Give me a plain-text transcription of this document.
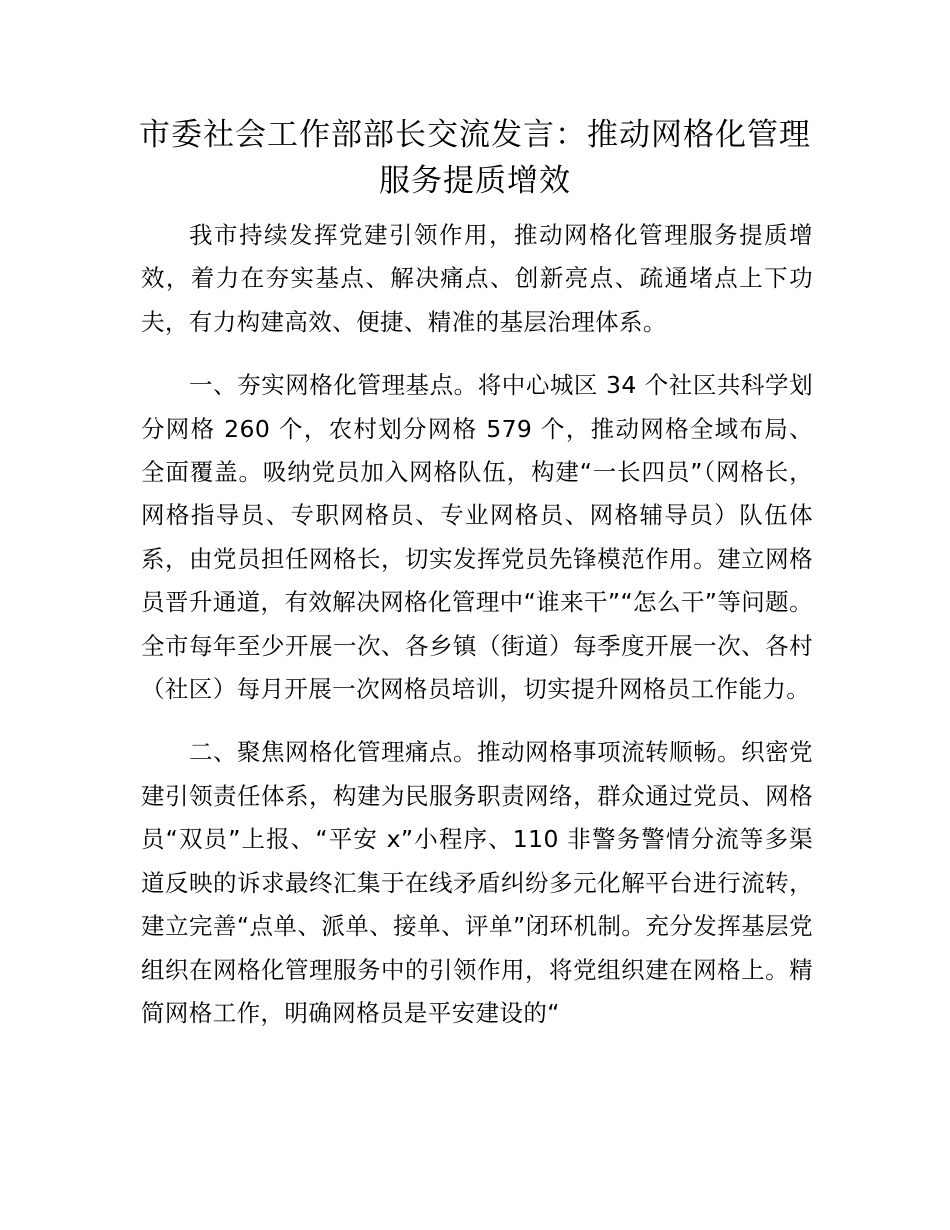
市委社会工作部部长交流发言：推动网格化管理服务提质增效

我市持续发挥党建引领作用，推动网格化管理服务提质增效，着力在夯实基点、解决痛点、创新亮点、疏通堵点上下功夫，有力构建高效、便捷、精准的基层治理体系。

一、夯实网格化管理基点。将中心城区 34 个社区共科学划分网格 260 个，农村划分网格 579 个，推动网格全域布局、全面覆盖。吸纳党员加入网格队伍，构建“一长四员”（网格长，网格指导员、专职网格员、专业网格员、网格辅导员）队伍体系，由党员担任网格长，切实发挥党员先锋模范作用。建立网格员晋升通道，有效解决网格化管理中“谁来干”“怎么干”等问题。全市每年至少开展一次、各乡镇（街道）每季度开展一次、各村（社区）每月开展一次网格员培训，切实提升网格员工作能力。

二、聚焦网格化管理痛点。推动网格事项流转顺畅。织密党建引领责任体系，构建为民服务职责网络，群众通过党员、网格员“双员”上报、“平安 x”小程序、110 非警务警情分流等多渠道反映的诉求最终汇集于在线矛盾纠纷多元化解平台进行流转，建立完善“点单、派单、接单、评单”闭环机制。充分发挥基层党组织在网格化管理服务中的引领作用，将党组织建在网格上。精简网格工作，明确网格员是平安建设的“
